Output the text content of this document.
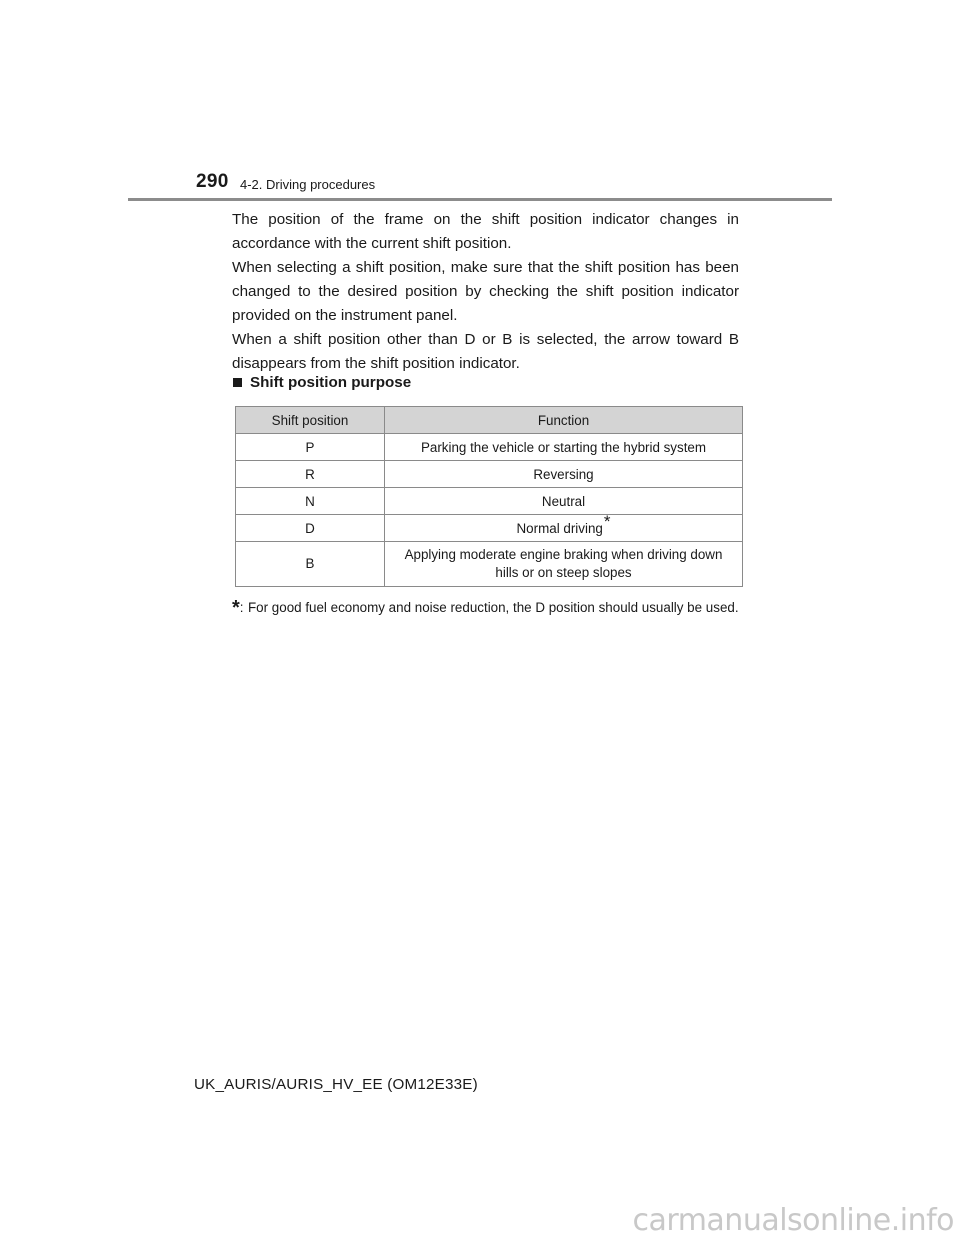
290 4-2. Driving procedures

The position of the frame on the shift position indicator changes in accordance with the current shift position.

When selecting a shift position, make sure that the shift position has been changed to the desired position by checking the shift position indicator provided on the instrument panel.

When a shift position other than D or B is selected, the arrow toward B disappears from the shift position indicator.

Shift position purpose
Shift position	Function
P	Parking the vehicle or starting the hybrid system
R	Reversing
N	Neutral
D	Normal driving*
B	Applying moderate engine braking when driving down hills or on steep slopes
*: For good fuel economy and noise reduction, the D position should usually be used.
UK_AURIS/AURIS_HV_EE (OM12E33E)
carmanualsonline.info
